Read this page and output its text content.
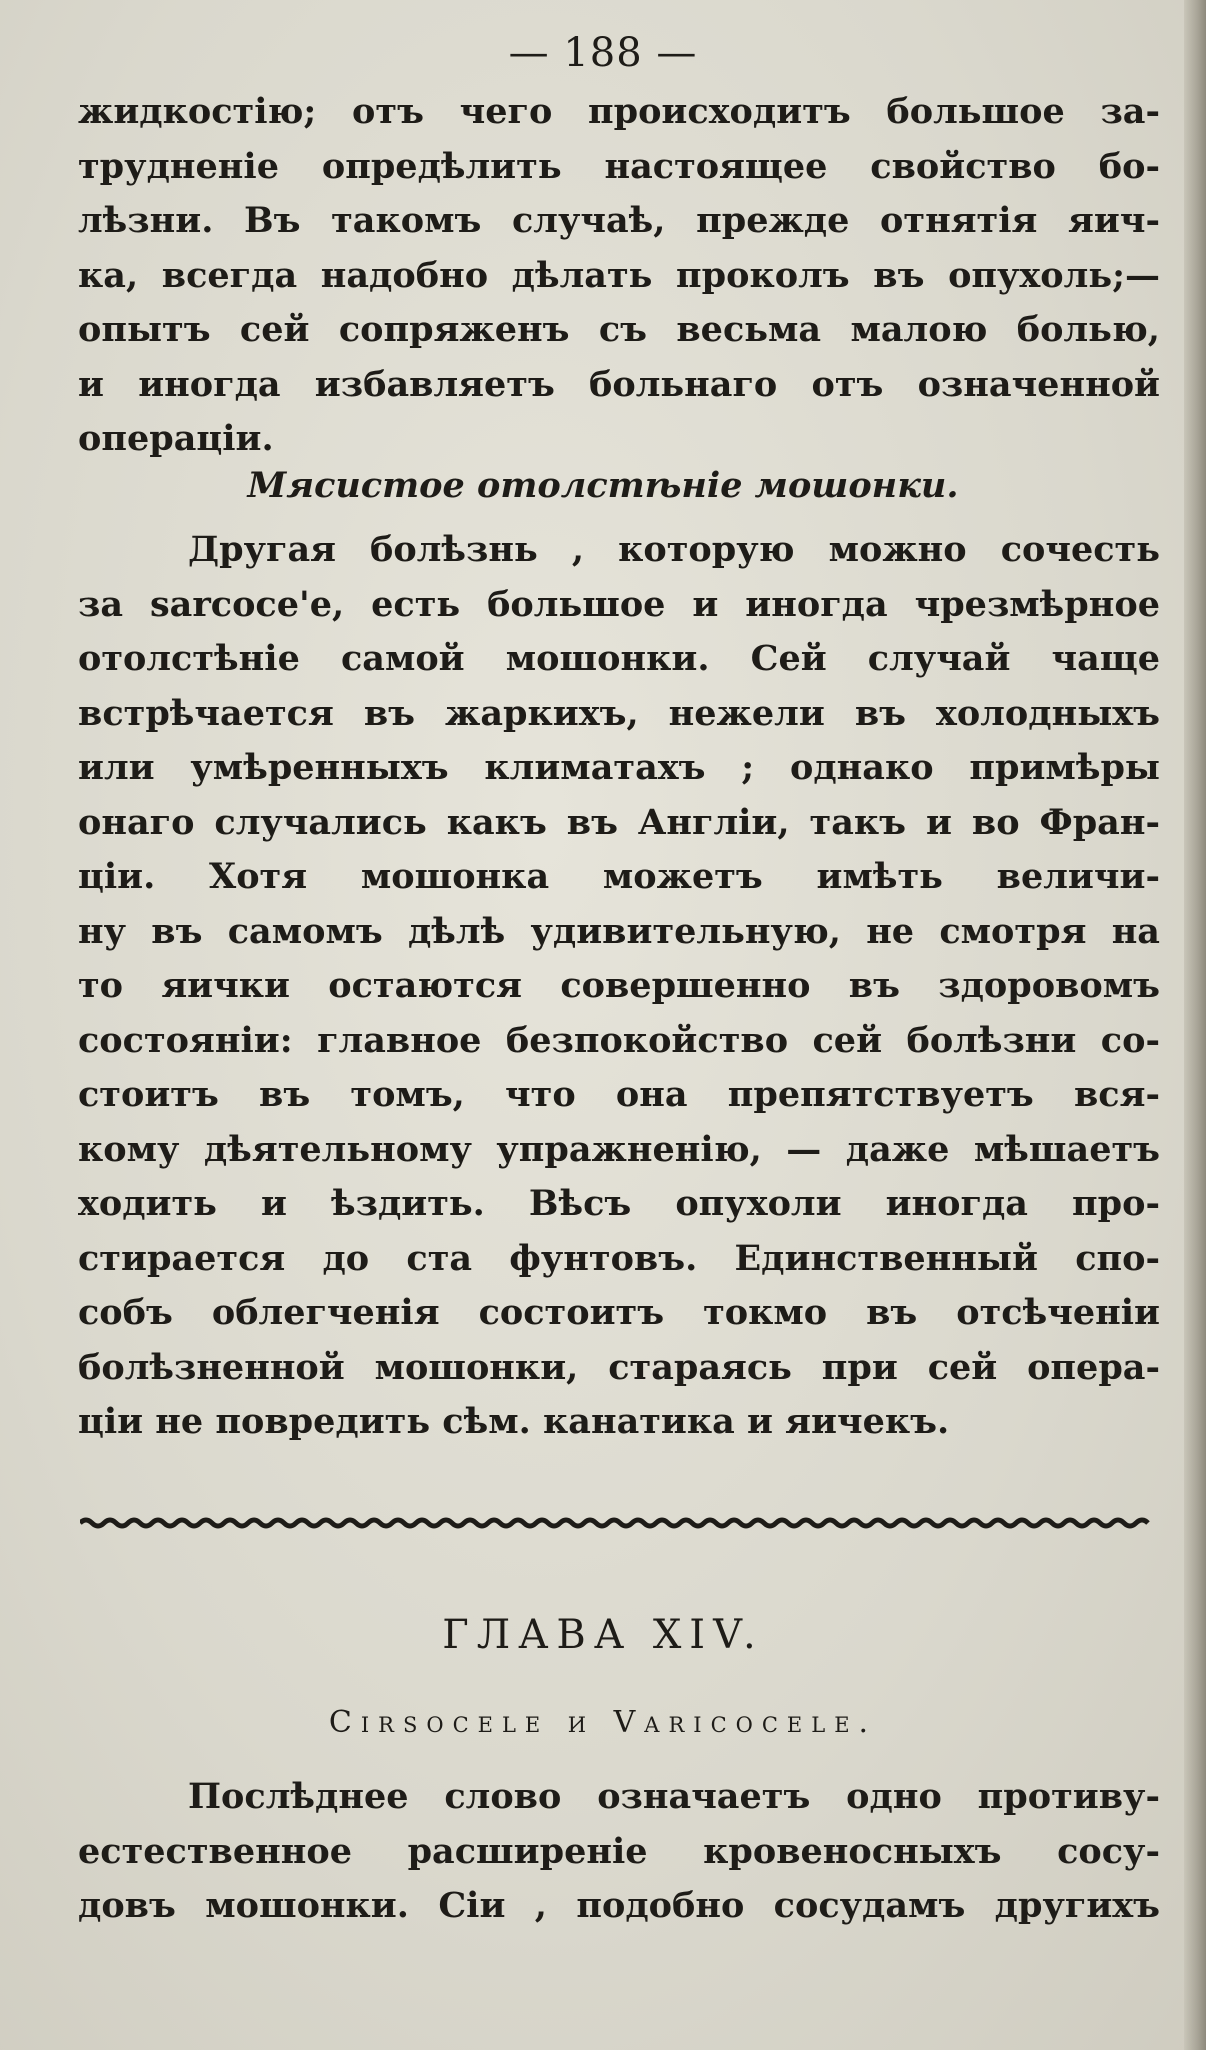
— 188 —
жидкостію; отъ чего происходитъ большое за-
трудненіе опредѣлить настоящее свойство бо-
лѣзни. Въ такомъ случаѣ, прежде отнятія яич-
ка, всегда надобно дѣлать проколъ въ опухоль;—
опытъ сей сопряженъ съ весьма малою болью,
и иногда избавляетъ больнаго отъ означенной
операціи.
Мясистое отолстѣніе мошонки.
Другая болѣзнь , которую можно сочесть
за sarcoce'e, есть большое и иногда чрезмѣрное
отолстѣніе самой мошонки. Сей случай чаще
встрѣчается въ жаркихъ, нежели въ холодныхъ
или умѣренныхъ климатахъ ; однако примѣры
онаго случались какъ въ Англіи, такъ и во Фран-
ціи. Хотя мошонка можетъ имѣть величи-
ну въ самомъ дѣлѣ удивительную, не смотря на
то яички остаются совершенно въ здоровомъ
состояніи: главное безпокойство сей болѣзни со-
стоитъ въ томъ, что она препятствуетъ вся-
кому дѣятельному упражненію, — даже мѣшаетъ
ходить и ѣздить. Вѣсъ опухоли иногда про-
стирается до ста фунтовъ. Единственный спо-
собъ облегченія состоитъ токмо въ отсѣченіи
болѣзненной мошонки, стараясь при сей опера-
ціи не повредить сѣм. канатика и яичекъ.
ГЛАВА XIV.
Cirsocele и Varicocele.
Послѣднее слово означаетъ одно противу-
естественное расширеніе кровеносныхъ сосу-
довъ мошонки. Сіи , подобно сосудамъ другихъ
